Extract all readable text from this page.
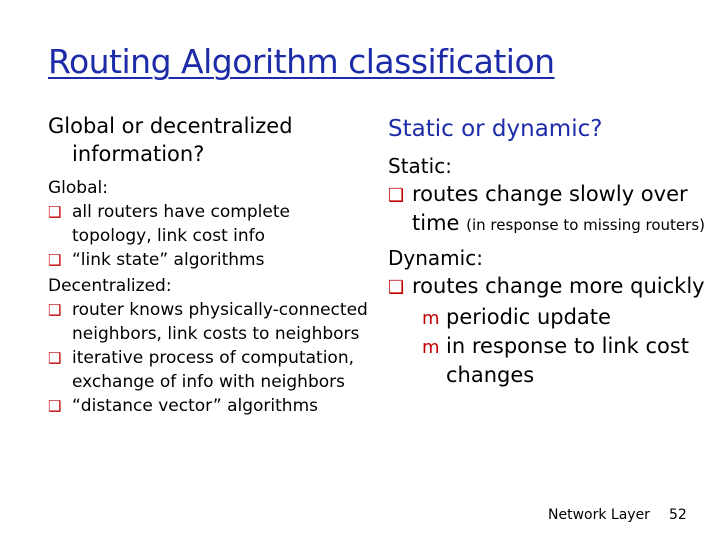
Routing Algorithm classification
Global or decentralized
information?
Global:
❑ all routers have complete topology, link cost info
❑ “link state” algorithms
Decentralized:
❑ router knows physically-connected neighbors, link costs to neighbors
❑ iterative process of computation, exchange of info with neighbors
❑ “distance vector” algorithms
Static or dynamic?
Static:
❑ routes change slowly over time (in response to missing routers)
Dynamic:
❑ routes change more quickly
m periodic update
m in response to link cost changes
Network Layer 52
